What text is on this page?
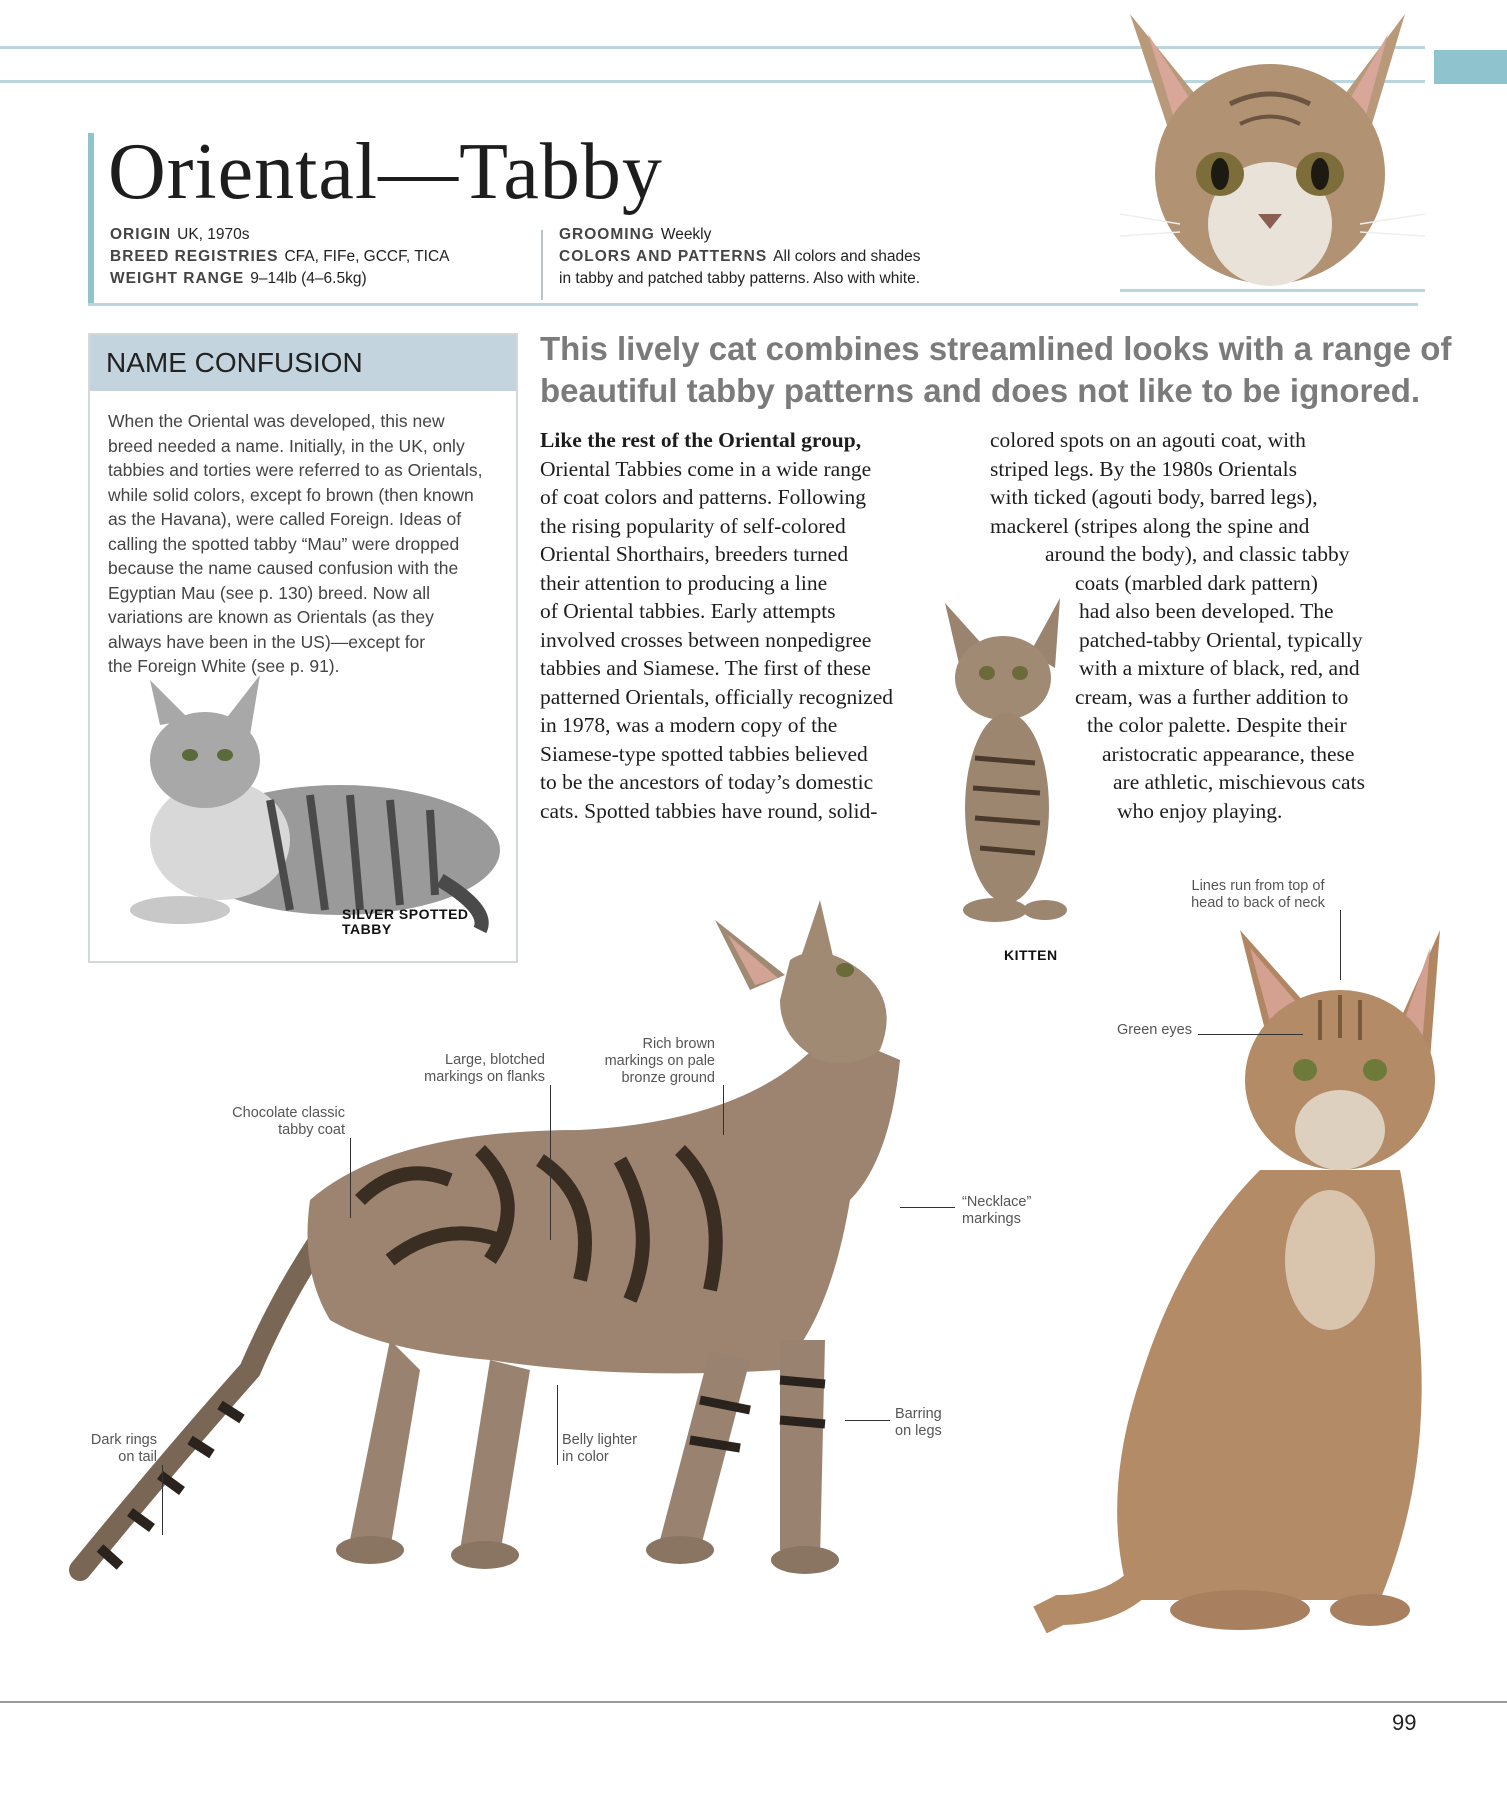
Oriental—Tabby
ORIGIN UK, 1970s
BREED REGISTRIES CFA, FIFe, GCCF, TICA
WEIGHT RANGE 9–14lb (4–6.5kg)
GROOMING Weekly
COLORS AND PATTERNS All colors and shades
in tabby and patched tabby patterns. Also with white.
NAME CONFUSION
When the Oriental was developed, this new
breed needed a name. Initially, in the UK, only
tabbies and torties were referred to as Orientals,
while solid colors, except fo brown (then known
as the Havana), were called Foreign. Ideas of
calling the spotted tabby “Mau” were dropped
because the name caused confusion with the
Egyptian Mau (see p. 130) breed. Now all
variations are known as Orientals (as they
always have been in the US)—except for
the Foreign White (see p. 91).
SILVER SPOTTED
TABBY
This lively cat combines streamlined looks with a range of
beautiful tabby patterns and does not like to be ignored.
Like the rest of the Oriental group,
Oriental Tabbies come in a wide range
of coat colors and patterns. Following
the rising popularity of self-colored
Oriental Shorthairs, breeders turned
their attention to producing a line
of Oriental tabbies. Early attempts
involved crosses between nonpedigree
tabbies and Siamese. The first of these
patterned Orientals, officially recognized
in 1978, was a modern copy of the
Siamese-type spotted tabbies believed
to be the ancestors of today’s domestic
cats. Spotted tabbies have round, solid-
colored spots on an agouti coat, with
striped legs. By the 1980s Orientals
with ticked (agouti body, barred legs),
mackerel (stripes along the spine and
around the body), and classic tabby
coats (marbled dark pattern)
had also been developed. The
patched-tabby Oriental, typically
with a mixture of black, red, and
cream, was a further addition to
the color palette. Despite their
aristocratic appearance, these
are athletic, mischievous cats
who enjoy playing.
KITTEN
Chocolate classic
tabby coat
Large, blotched
markings on flanks
Rich brown
markings on pale
bronze ground
“Necklace”
markings
Dark rings
on tail
Belly lighter
in color
Barring
on legs
Lines run from top of
head to back of neck
Green eyes
99
